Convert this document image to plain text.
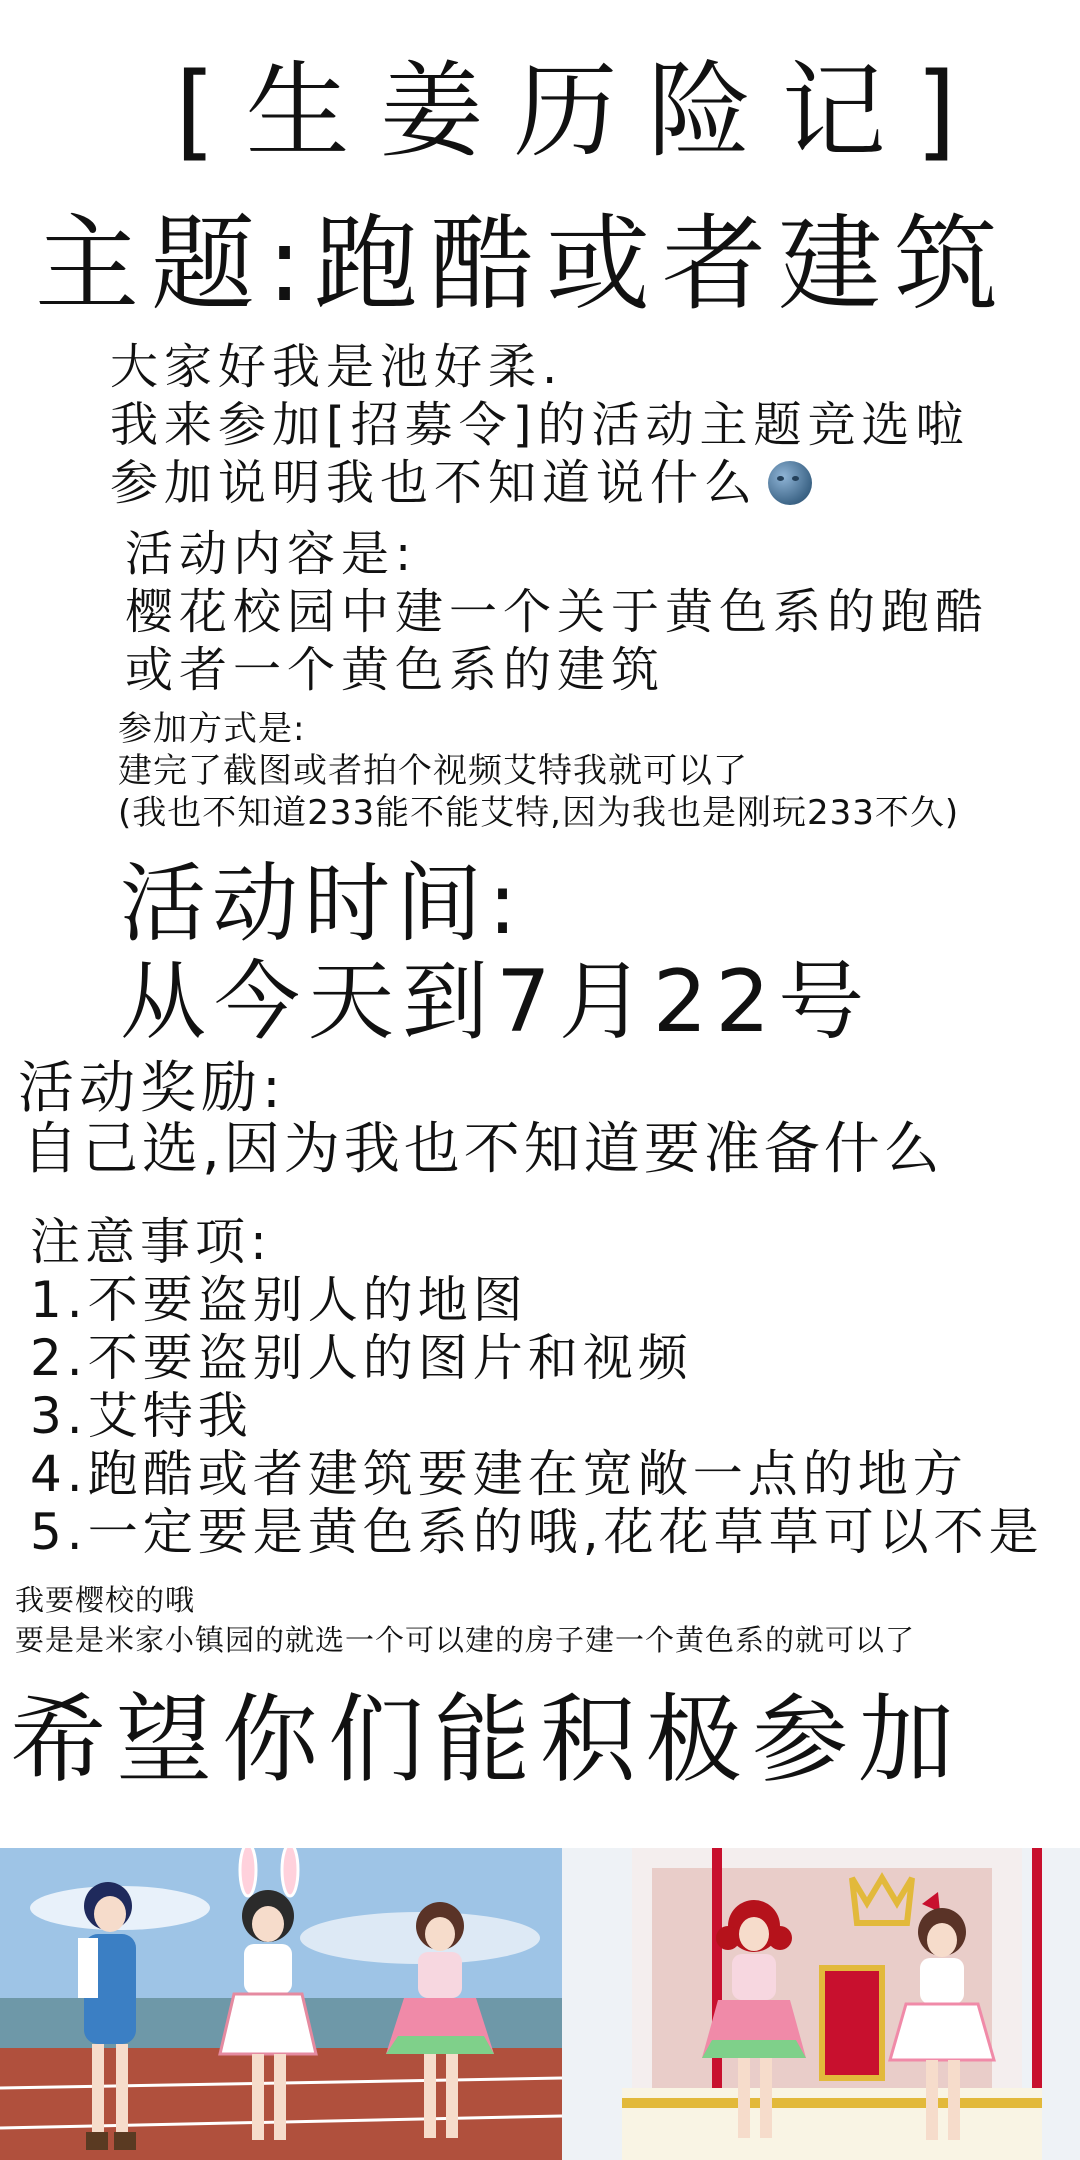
[生姜历险记]
主题:跑酷或者建筑
大家好我是池好柔.
我来参加[招募令]的活动主题竞选啦
参加说明我也不知道说什么
活动内容是:
樱花校园中建一个关于黄色系的跑酷
或者一个黄色系的建筑
参加方式是:
建完了截图或者拍个视频艾特我就可以了
(我也不知道233能不能艾特,因为我也是刚玩233不久)
活动时间:
从今天到7月22号
活动奖励:
自己选,因为我也不知道要准备什么
注意事项:
1.不要盗别人的地图
2.不要盗别人的图片和视频
3.艾特我
4.跑酷或者建筑要建在宽敞一点的地方
5.一定要是黄色系的哦,花花草草可以不是
我要樱校的哦
要是是米家小镇园的就选一个可以建的房子建一个黄色系的就可以了
希望你们能积极参加
